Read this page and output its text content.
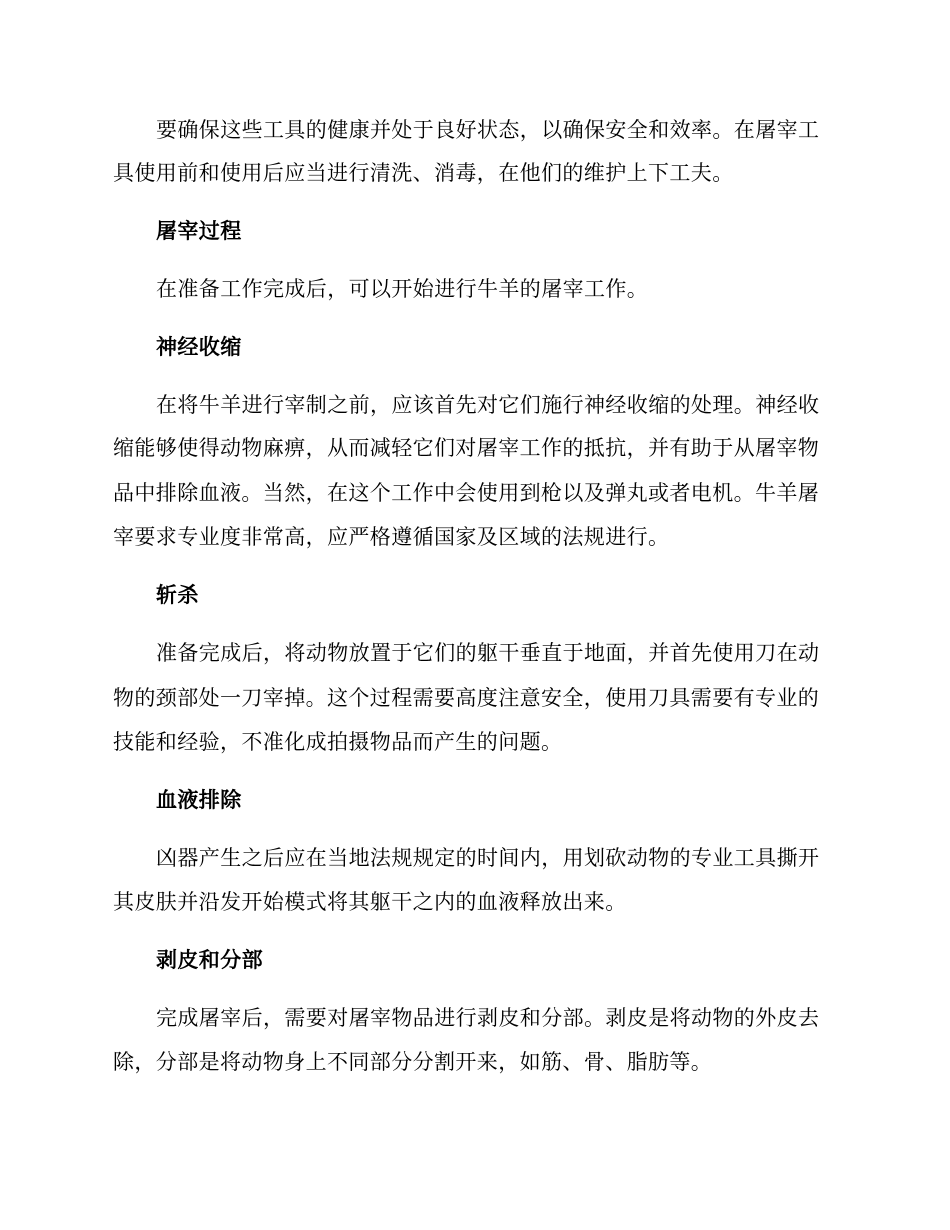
要确保这些工具的健康并处于良好状态，以确保安全和效率。在屠宰工
具使用前和使用后应当进行清洗、消毒，在他们的维护上下工夫。
屠宰过程
在准备工作完成后，可以开始进行牛羊的屠宰工作。
神经收缩
在将牛羊进行宰制之前，应该首先对它们施行神经收缩的处理。神经收
缩能够使得动物麻痹，从而减轻它们对屠宰工作的抵抗，并有助于从屠宰物
品中排除血液。当然，在这个工作中会使用到枪以及弹丸或者电机。牛羊屠
宰要求专业度非常高，应严格遵循国家及区域的法规进行。
斩杀
准备完成后，将动物放置于它们的躯干垂直于地面，并首先使用刀在动
物的颈部处一刀宰掉。这个过程需要高度注意安全，使用刀具需要有专业的
技能和经验，不准化成拍摄物品而产生的问题。
血液排除
凶器产生之后应在当地法规规定的时间内，用划砍动物的专业工具撕开
其皮肤并沿发开始模式将其躯干之内的血液释放出来。
剥皮和分部
完成屠宰后，需要对屠宰物品进行剥皮和分部。剥皮是将动物的外皮去
除，分部是将动物身上不同部分分割开来，如筋、骨、脂肪等。
